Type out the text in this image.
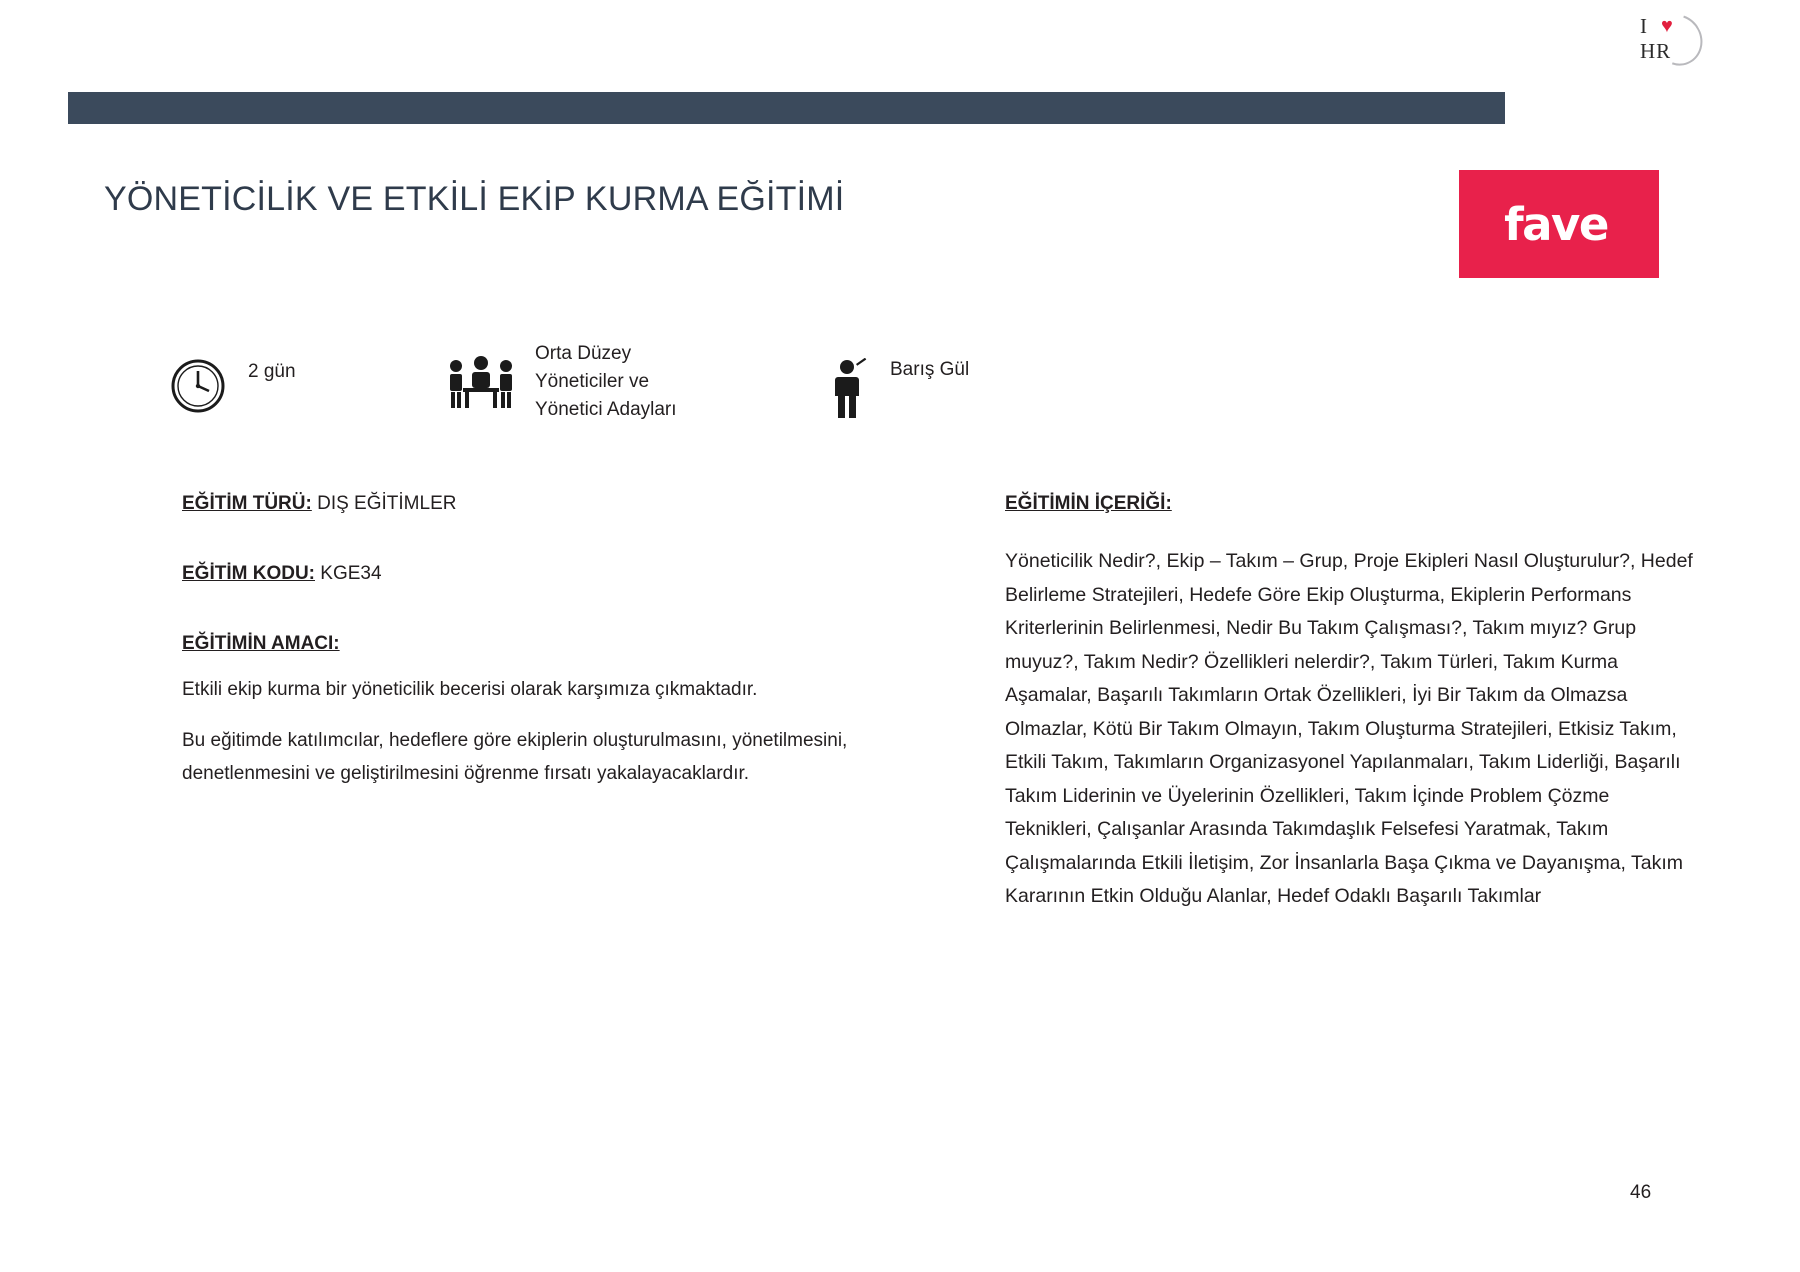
I
HR
♥
YÖNETİCİLİK VE ETKİLİ EKİP KURMA EĞİTİMİ	fave
2 gün
Orta Düzey
Yöneticiler ve
Yönetici Adayları
Barış Gül
EĞİTİM TÜRÜ: DIŞ EĞİTİMLER
EĞİTİM KODU: KGE34
EĞİTİMİN AMACI:

Etkili ekip kurma bir yöneticilik becerisi olarak karşımıza çıkmaktadır.

Bu eğitimde katılımcılar, hedeflere göre ekiplerin oluşturulmasını, yönetilmesini, denetlenmesini ve geliştirilmesini öğrenme fırsatı yakalayacaklardır.

EĞİTİMİN İÇERİĞİ:

Yöneticilik Nedir?, Ekip – Takım – Grup, Proje Ekipleri Nasıl Oluşturulur?, Hedef Belirleme Stratejileri, Hedefe Göre Ekip Oluşturma, Ekiplerin Performans Kriterlerinin Belirlenmesi, Nedir Bu Takım Çalışması?, Takım mıyız? Grup muyuz?, Takım Nedir? Özellikleri nelerdir?, Takım Türleri, Takım Kurma Aşamalar, Başarılı Takımların Ortak Özellikleri, İyi Bir Takım da Olmazsa Olmazlar, Kötü Bir Takım Olmayın, Takım Oluşturma Stratejileri, Etkisiz Takım, Etkili Takım, Takımların Organizasyonel Yapılanmaları, Takım Liderliği, Başarılı Takım Liderinin ve Üyelerinin Özellikleri, Takım İçinde Problem Çözme Teknikleri, Çalışanlar Arasında Takımdaşlık Felsefesi Yaratmak, Takım Çalışmalarında Etkili İletişim, Zor İnsanlarla Başa Çıkma ve Dayanışma, Takım Kararının Etkin Olduğu Alanlar, Hedef Odaklı Başarılı Takımlar

46
